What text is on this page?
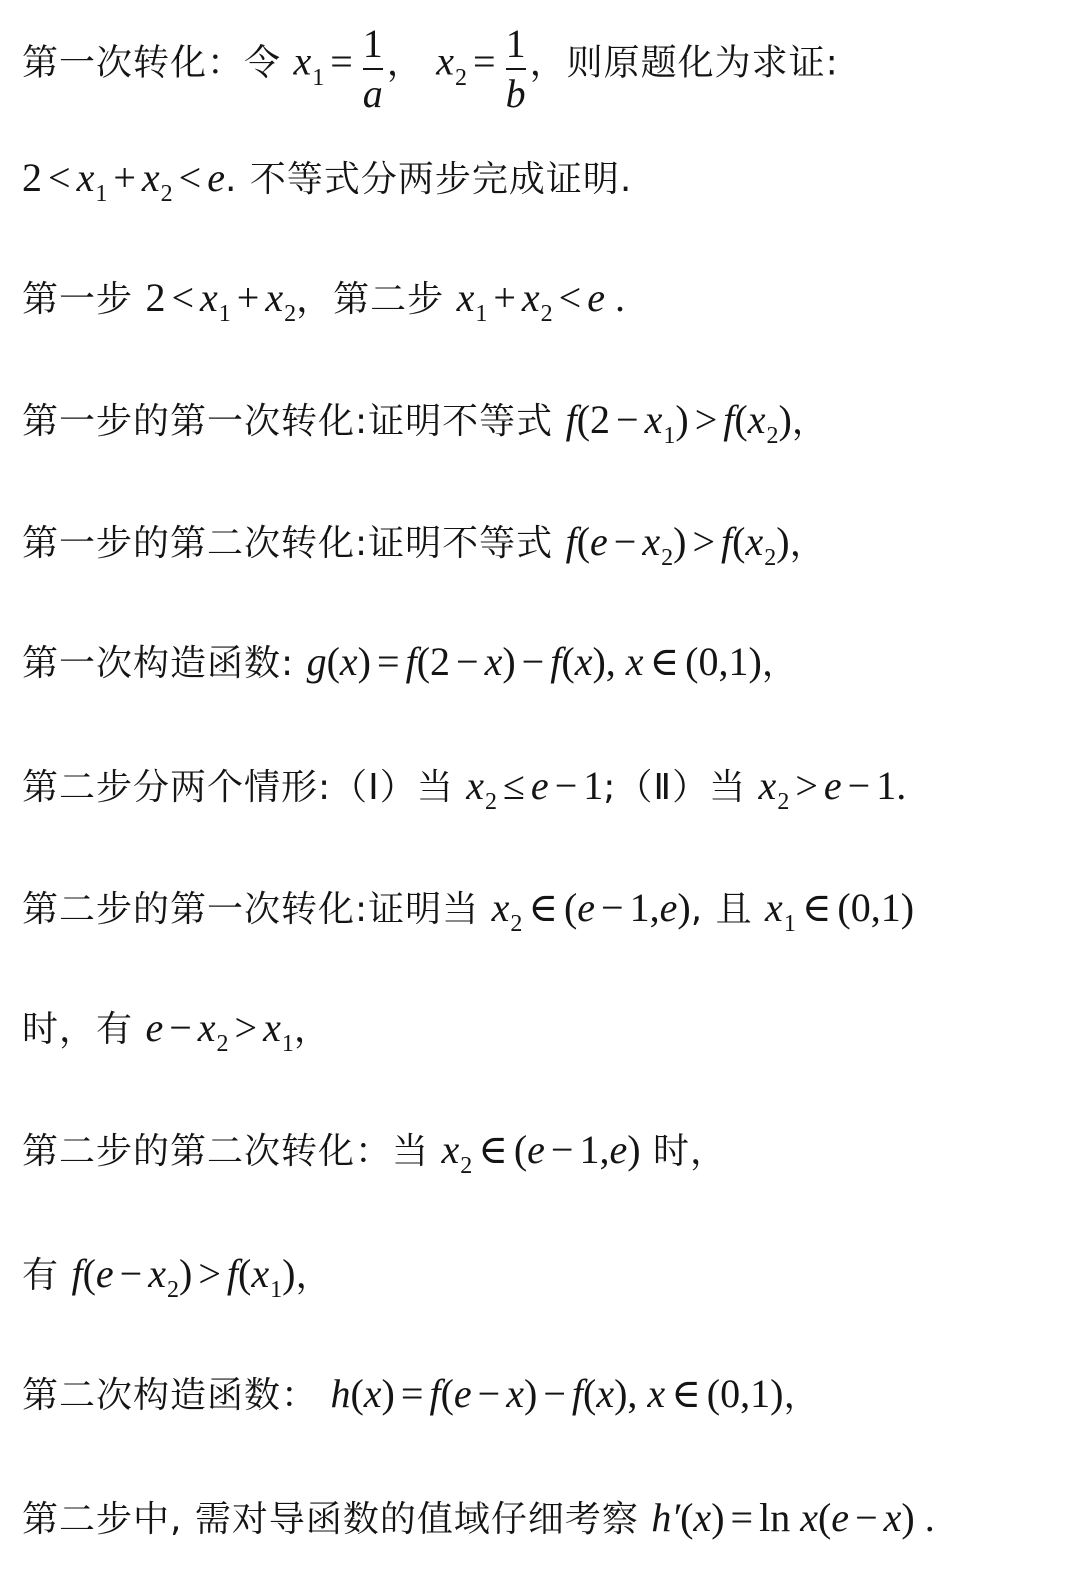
第一次转化：令 $x_1 = \frac{1}{a}$ ， $x_2 = \frac{1}{b}$ ，则原题化为求证:
$2 < x_1 + x_2 < e$. 不等式分两步完成证明.
第一步 $2 < x_1 + x_2$，第二步 $x_1 + x_2 < e$ .
第一步的第一次转化:证明不等式 $f(2 - x_1) > f(x_2)$，
第一步的第二次转化:证明不等式 $f(e - x_2) > f(x_2)$，
第一次构造函数: g(x) = f(2 − x) − f(x), x ∈ (0,1)，
第二步分两个情形:（Ⅰ）当 $x_2 \le e$ − 1;（Ⅱ）当 $x_2 > e - 1$.
第二步的第一次转化:证明当 $x_2$ ∈ (e − 1,e), 且 $x_1$ ∈ (0,1)
时，有 $e - x_2 > x_1$，
第二步的第二次转化：当 $x_2$ ∈ (e − 1,e) 时，
有 $f(e - x_2) > f(x_1)$，
第二次构造函数： h(x) = f(e − x) − f(x), x ∈ (0,1)，
第二步中, 需对导函数的值域仔细考察 h′(x) = ln x(e − x) .
